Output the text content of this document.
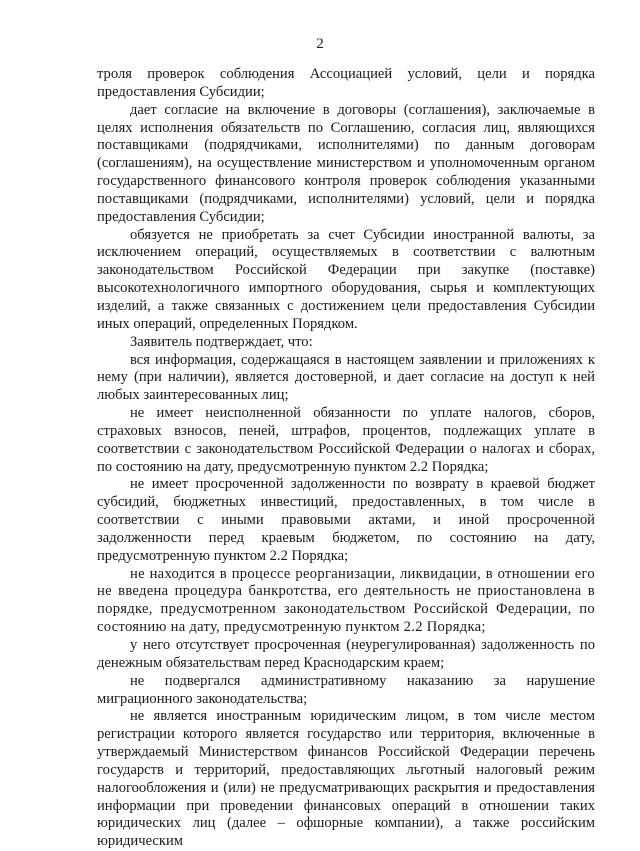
2

троля проверок соблюдения Ассоциацией условий, цели и порядка предоставления Субсидии;

дает согласие на включение в договоры (соглашения), заключаемые в целях исполнения обязательств по Соглашению, согласия лиц, являющихся поставщиками (подрядчиками, исполнителями) по данным договорам (соглашениям), на осуществление министерством и уполномоченным органом государственного финансового контроля проверок соблюдения указанными поставщиками (подрядчиками, исполнителями) условий, цели и порядка предоставления Субсидии;

обязуется не приобретать за счет Субсидии иностранной валюты, за исключением операций, осуществляемых в соответствии с валютным законодательством Российской Федерации при закупке (поставке) высокотехнологичного импортного оборудования, сырья и комплектующих изделий, а также связанных с достижением цели предоставления Субсидии иных операций, определенных Порядком.

Заявитель подтверждает, что:

вся информация, содержащаяся в настоящем заявлении и приложениях к нему (при наличии), является достоверной, и дает согласие на доступ к ней любых заинтересованных лиц;

не имеет неисполненной обязанности по уплате налогов, сборов, страховых взносов, пеней, штрафов, процентов, подлежащих уплате в соответствии с законодательством Российской Федерации о налогах и сборах, по состоянию на дату, предусмотренную пунктом 2.2 Порядка;

не имеет просроченной задолженности по возврату в краевой бюджет субсидий, бюджетных инвестиций, предоставленных, в том числе в соответствии с иными правовыми актами, и иной просроченной задолженности перед краевым бюджетом, по состоянию на дату, предусмотренную пунктом 2.2 Порядка;

не находится в процессе реорганизации, ликвидации, в отношении его не введена процедура банкротства, его деятельность не приостановлена в порядке, предусмотренном законодательством Российской Федерации, по состоянию на дату, предусмотренную пунктом 2.2 Порядка;

у него отсутствует просроченная (неурегулированная) задолженность по денежным обязательствам перед Краснодарским краем;

не подвергался административному наказанию за нарушение миграционного законодательства;

не является иностранным юридическим лицом, в том числе местом регистрации которого является государство или территория, включенные в утверждаемый Министерством финансов Российской Федерации перечень государств и территорий, предоставляющих льготный налоговый режим налогообложения и (или) не предусматривающих раскрытия и предоставления информации при проведении финансовых операций в отношении таких юридических лиц (далее – офшорные компании), а также российским юридическим
